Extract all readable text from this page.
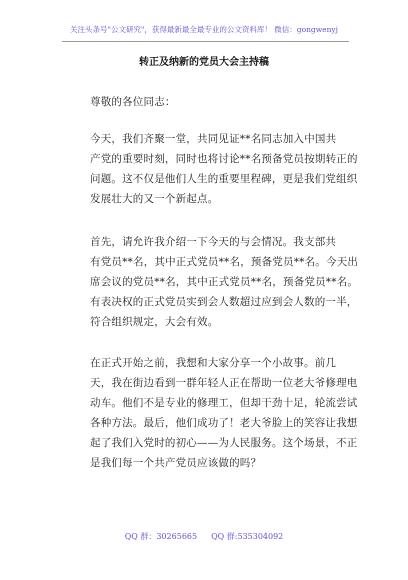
关注头条号"公文研究"，获得最新最全最专业的公文资料库！ 微信：gongwenyj
转正及纳新的党员大会主持稿
尊敬的各位同志：
今天，我们齐聚一堂，共同见证**名同志加入中国共
产党的重要时刻，同时也将讨论**名预备党员按期转正的
问题。这不仅是他们人生的重要里程碑，更是我们党组织
发展壮大的又一个新起点。
首先，请允许我介绍一下今天的与会情况。我支部共
有党员**名，其中正式党员**名，预备党员**名。今天出
席会议的党员**名，其中正式党员**名，预备党员**名。
有表决权的正式党员实到会人数超过应到会人数的一半，
符合组织规定，大会有效。
在正式开始之前，我想和大家分享一个小故事。前几
天，我在街边看到一群年轻人正在帮助一位老大爷修理电
动车。他们不是专业的修理工，但却干劲十足，轮流尝试
各种方法。最后，他们成功了！老大爷脸上的笑容让我想
起了我们入党时的初心——为人民服务。这个场景，不正
是我们每一个共产党员应该做的吗？
QQ 群：30265665 QQ 群:535304092
